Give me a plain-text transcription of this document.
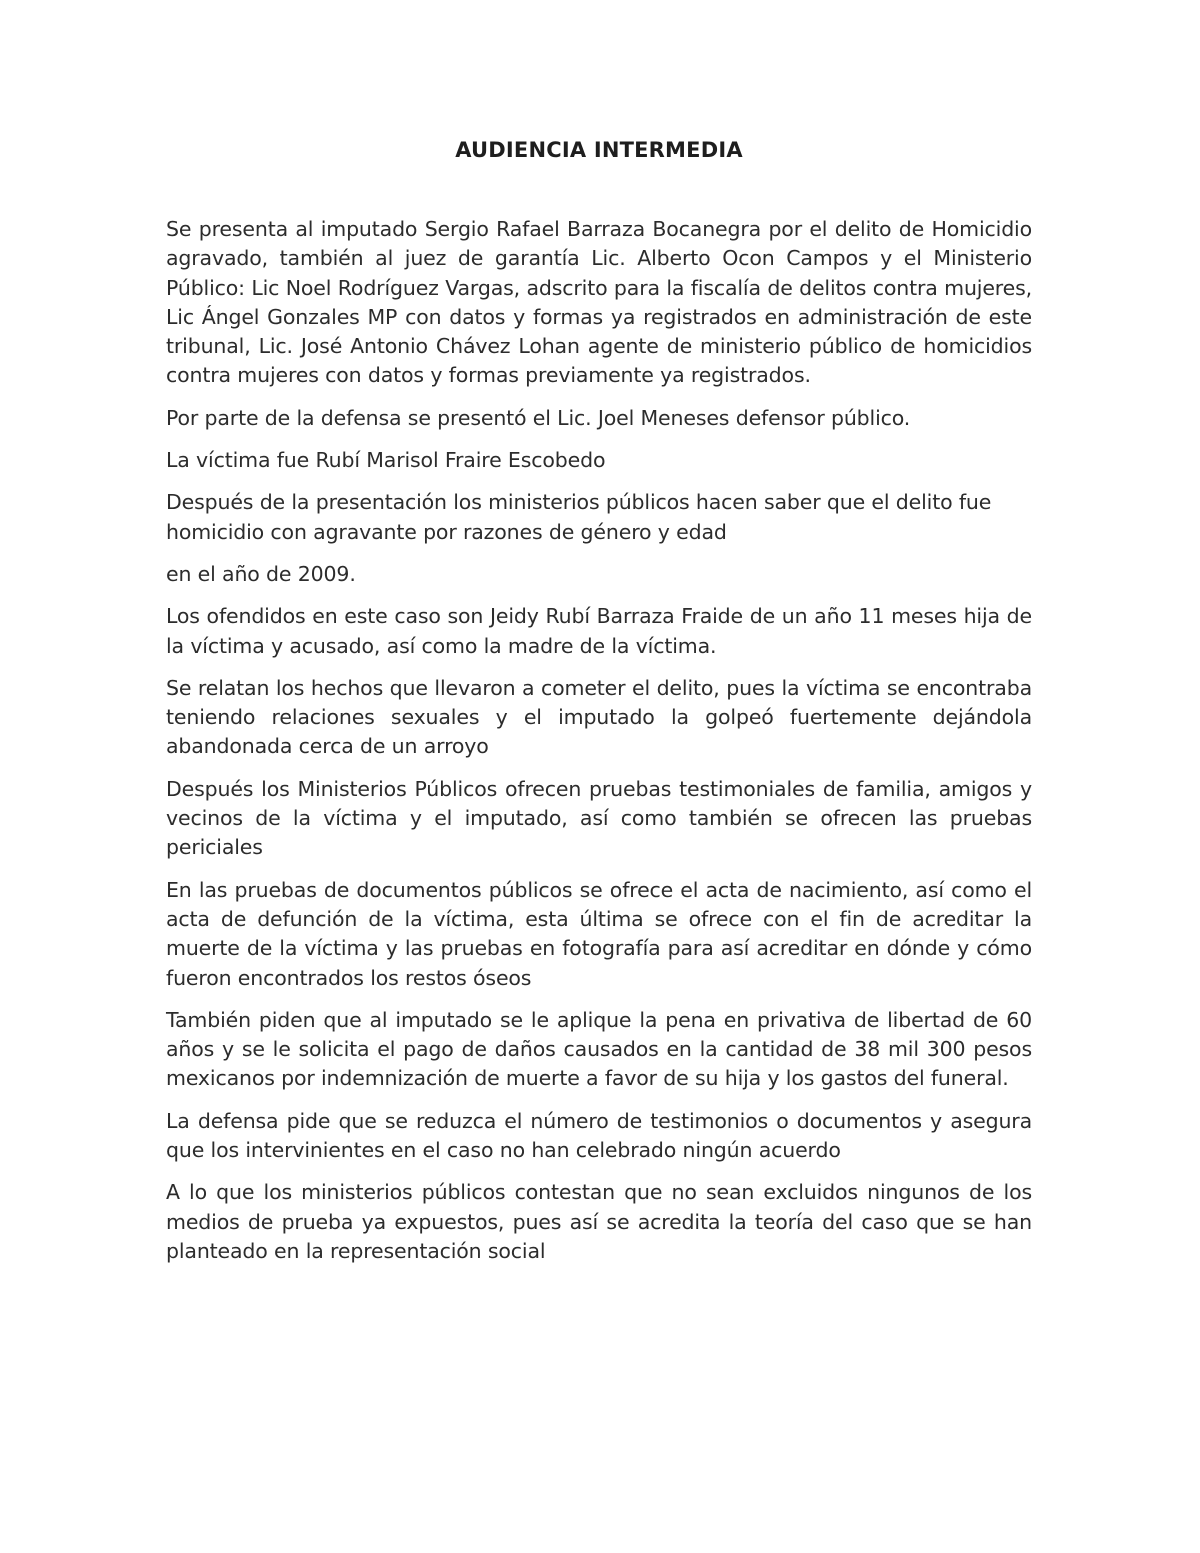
AUDIENCIA INTERMEDIA

Se presenta al imputado Sergio Rafael Barraza Bocanegra por el delito de Homicidio agravado, también al juez de garantía Lic. Alberto Ocon Campos y el Ministerio Público: Lic Noel Rodríguez Vargas, adscrito para la fiscalía de delitos contra mujeres, Lic Ángel Gonzales MP con datos y formas ya registrados en administración de este tribunal, Lic. José Antonio Chávez Lohan agente de ministerio público de homicidios contra mujeres con datos y formas previamente ya registrados.

Por parte de la defensa se presentó el Lic. Joel Meneses defensor público.

La víctima fue Rubí Marisol Fraire Escobedo

Después de la presentación los ministerios públicos hacen saber que el delito fue homicidio con agravante por razones de género y edad

en el año de 2009.

Los ofendidos en este caso son Jeidy Rubí Barraza Fraide de un año 11 meses hija de la víctima y acusado, así como la madre de la víctima.

Se relatan los hechos que llevaron a cometer el delito, pues la víctima se encontraba teniendo relaciones sexuales y el imputado la golpeó fuertemente dejándola abandonada cerca de un arroyo

Después los Ministerios Públicos ofrecen pruebas testimoniales de familia, amigos y vecinos de la víctima y el imputado, así como también se ofrecen las pruebas periciales

En las pruebas de documentos públicos se ofrece el acta de nacimiento, así como el acta de defunción de la víctima, esta última se ofrece con el fin de acreditar la muerte de la víctima y las pruebas en fotografía para así acreditar en dónde y cómo fueron encontrados los restos óseos

También piden que al imputado se le aplique la pena en privativa de libertad de 60 años y se le solicita el pago de daños causados en la cantidad de 38 mil 300 pesos mexicanos por indemnización de muerte a favor de su hija y los gastos del funeral.

La defensa pide que se reduzca el número de testimonios o documentos y asegura que los intervinientes en el caso no han celebrado ningún acuerdo

A lo que los ministerios públicos contestan que no sean excluidos ningunos de los medios de prueba ya expuestos, pues así se acredita la teoría del caso que se han planteado en la representación social
